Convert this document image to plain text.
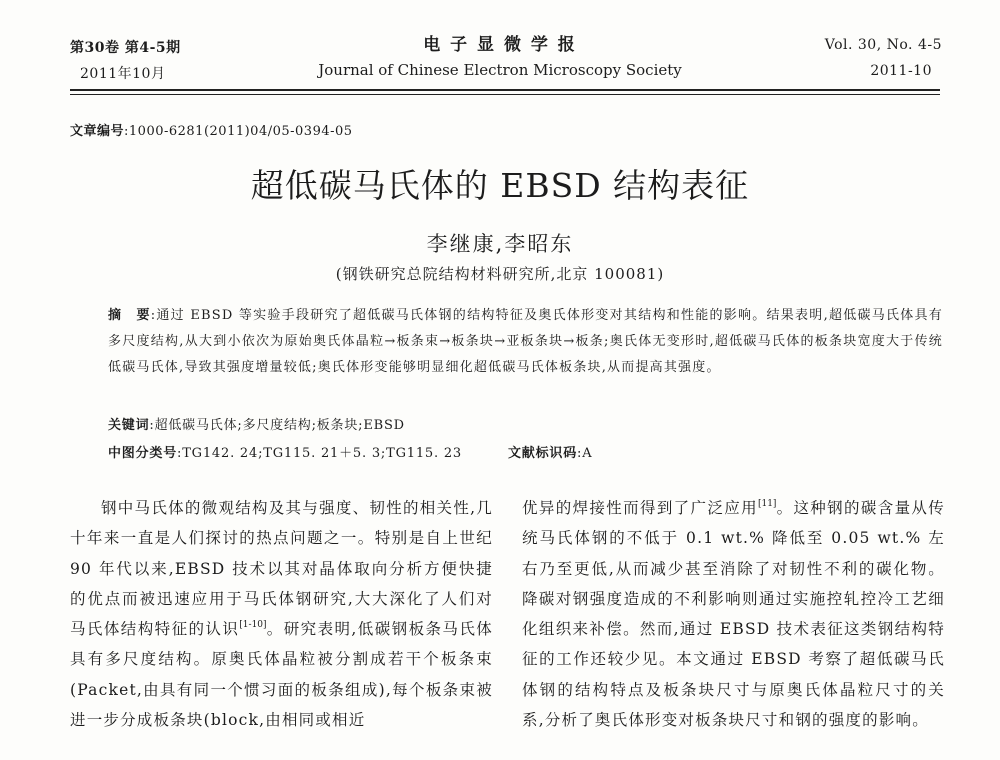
第30卷 第4-5期
2011年10月
电 子 显 微 学 报
Journal of Chinese Electron Microscopy Society
Vol. 30, No. 4-5
2011-10
文章编号:1000-6281(2011)04/05-0394-05
超低碳马氏体的 EBSD 结构表征
李继康,李昭东
(钢铁研究总院结构材料研究所,北京 100081)
摘　要:通过 EBSD 等实验手段研究了超低碳马氏体钢的结构特征及奥氏体形变对其结构和性能的影响。结果表明,超低碳马氏体具有多尺度结构,从大到小依次为原始奥氏体晶粒→板条束→板条块→亚板条块→板条;奥氏体无变形时,超低碳马氏体的板条块宽度大于传统低碳马氏体,导致其强度增量较低;奥氏体形变能够明显细化超低碳马氏体板条块,从而提高其强度。
关键词:超低碳马氏体;多尺度结构;板条块;EBSD
中图分类号:TG142. 24;TG115. 21＋5. 3;TG115. 23	文献标识码:A

钢中马氏体的微观结构及其与强度、韧性的相关性,几十年来一直是人们探讨的热点问题之一。特别是自上世纪 90 年代以来,EBSD 技术以其对晶体取向分析方便快捷的优点而被迅速应用于马氏体钢研究,大大深化了人们对马氏体结构特征的认识[1-10]。研究表明,低碳钢板条马氏体具有多尺度结构。原奥氏体晶粒被分割成若干个板条束(Packet,由具有同一个惯习面的板条组成),每个板条束被进一步分成板条块(block,由相同或相近

优异的焊接性而得到了广泛应用[11]。这种钢的碳含量从传统马氏体钢的不低于 0.1 wt.% 降低至 0.05 wt.% 左右乃至更低,从而减少甚至消除了对韧性不利的碳化物。降碳对钢强度造成的不利影响则通过实施控轧控冷工艺细化组织来补偿。然而,通过 EBSD 技术表征这类钢结构特征的工作还较少见。本文通过 EBSD 考察了超低碳马氏体钢的结构特点及板条块尺寸与原奥氏体晶粒尺寸的关系,分析了奥氏体形变对板条块尺寸和钢的强度的影响。
